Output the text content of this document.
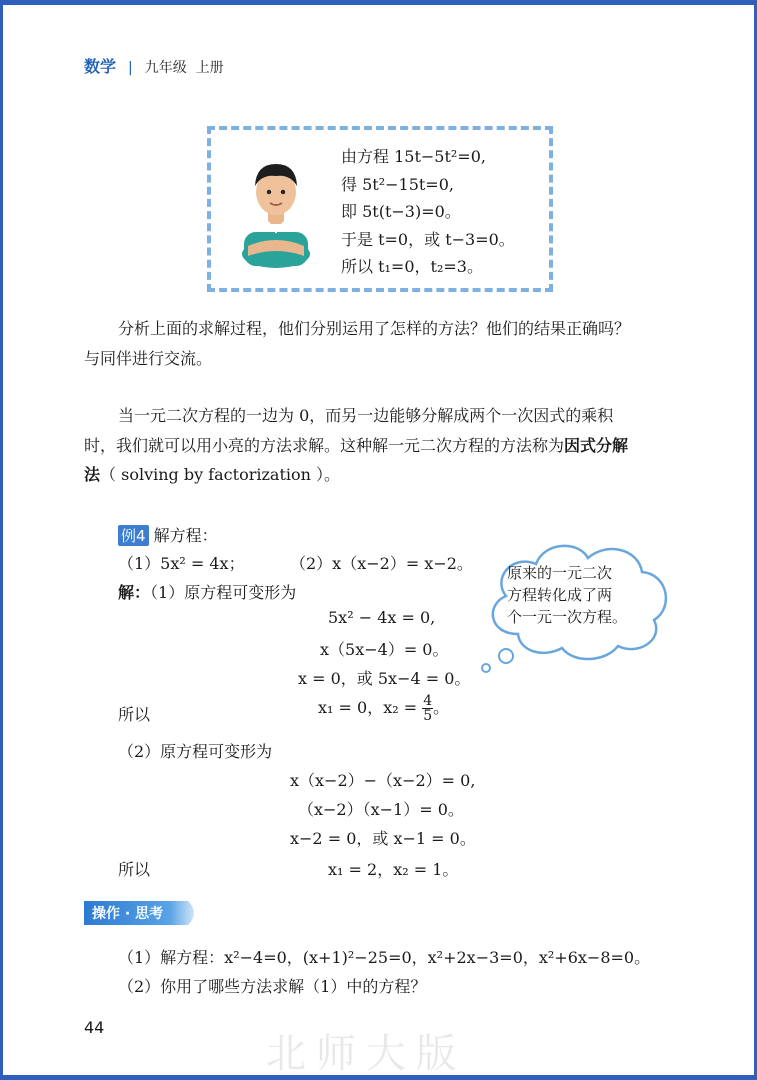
数学 | 九年级 上册
由方程 15t−5t²=0,
得 5t²−15t=0,
即 5t(t−3)=0。
于是 t=0，或 t−3=0。
所以 t₁=0，t₂=3。
分析上面的求解过程，他们分别运用了怎样的方法？他们的结果正确吗？
与同伴进行交流。
当一元二次方程的一边为 0，而另一边能够分解成两个一次因式的乘积
时，我们就可以用小亮的方法求解。这种解一元二次方程的方法称为因式分解
法（ solving by factorization ）。
例4 解方程：
（1）5x² = 4x；	（2）x（x−2）= x−2。
解：（1）原方程可变形为
5x² − 4x = 0,
x（5x−4）= 0。
x = 0，或 5x−4 = 0。
所以	x₁ = 0，$x_2 = \frac{4}{5}$ 。
（2）原方程可变形为
x（x−2）−（x−2）= 0,
（x−2）（x−1）= 0。
x−2 = 0，或 x−1 = 0。
所以	x₁ = 2，x₂ = 1。
原来的一元二次
方程转化成了两
个一元一次方程。
操作 · 思考
（1）解方程：x²−4=0，(x+1)²−25=0，x²+2x−3=0，x²+6x−8=0。
（2）你用了哪些方法求解（1）中的方程？
44
北师大版
